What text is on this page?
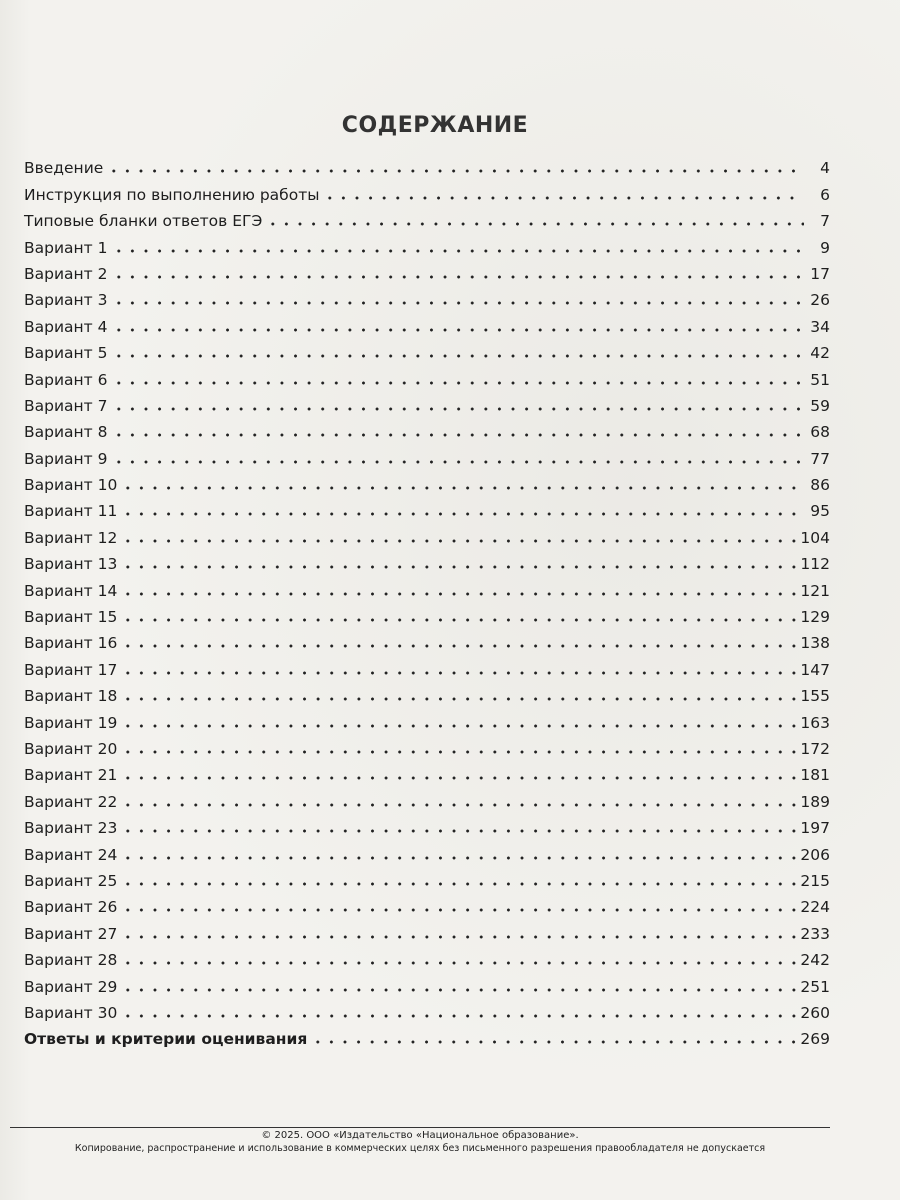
СОДЕРЖАНИЕ
Введение	4
Инструкция по выполнению работы	6
Типовые бланки ответов ЕГЭ	7
Вариант 1	9
Вариант 2	17
Вариант 3	26
Вариант 4	34
Вариант 5	42
Вариант 6	51
Вариант 7	59
Вариант 8	68
Вариант 9	77
Вариант 10	86
Вариант 11	95
Вариант 12	104
Вариант 13	112
Вариант 14	121
Вариант 15	129
Вариант 16	138
Вариант 17	147
Вариант 18	155
Вариант 19	163
Вариант 20	172
Вариант 21	181
Вариант 22	189
Вариант 23	197
Вариант 24	206
Вариант 25	215
Вариант 26	224
Вариант 27	233
Вариант 28	242
Вариант 29	251
Вариант 30	260
Ответы и критерии оценивания	269
© 2025. ООО «Издательство «Национальное образование».
Копирование, распространение и использование в коммерческих целях без письменного разрешения правообладателя не допускается
